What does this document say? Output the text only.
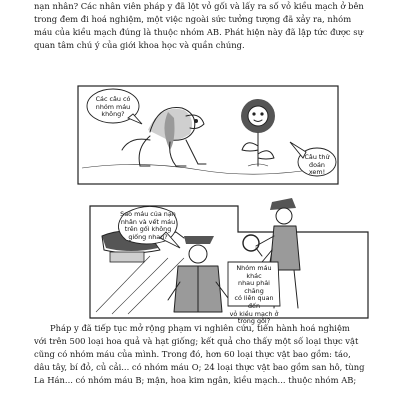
nạn nhân? Các nhân viên pháp y đã lột vỏ gối và lấy ra số vỏ kiều mạch ở bên
trong đem đi hoá nghiệm, một việc ngoài sức tưởng tượng đã xảy ra, nhóm
máu của kiều mạch đúng là thuộc nhóm AB. Phát hiện này đã lập tức được sự
quan tâm chú ý của giới khoa học và quần chúng.
Các câu có
nhóm máu
không?
Câu thử
đoán xem!
Sao máu của nạn
nhân và vết máu
trên gối không
giống nhau?
Nhóm máu khác
nhau phải chăng
có liên quan đến
vỏ kiều mạch ở
trong gối?
Pháp y đã tiếp tục mở rộng phạm vi nghiên cứu, tiến hành hoá nghiệm
với trên 500 loại hoa quả và hạt giống; kết quả cho thấy một số loại thực vật
cũng có nhóm máu của mình. Trong đó, hơn 60 loại thực vật bao gồm: táo,
dâu tây, bí đỏ, củ cải... có nhóm máu O; 24 loại thực vật bao gồm san hô, tùng
La Hán... có nhóm máu B; mận, hoa kim ngân, kiều mạch... thuộc nhóm AB;
